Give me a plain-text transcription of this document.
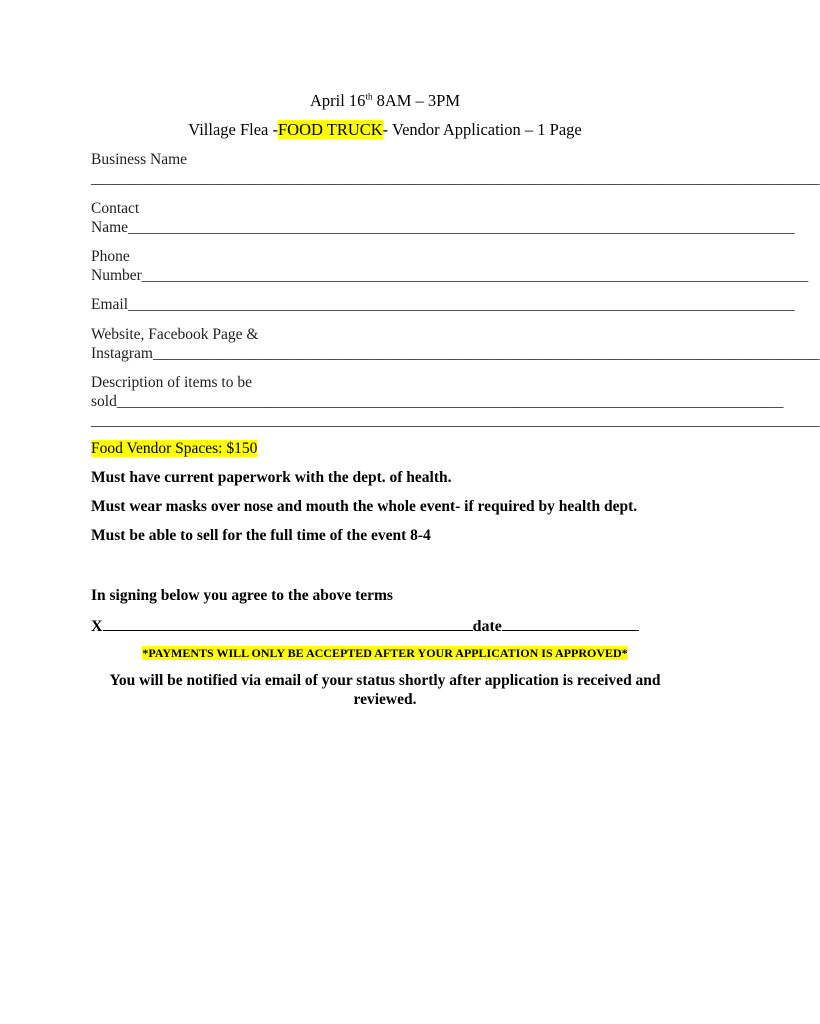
April 16th 8AM – 3PM
Village Flea -FOOD TRUCK- Vendor Application – 1 Page
Business Name
______________________________________________________________________________________________
Contact
Name______________________________________________________________________________________
Phone
Number______________________________________________________________________________________
Email______________________________________________________________________________________
Website, Facebook Page &
Instagram______________________________________________________________________________________
Description of items to be
sold______________________________________________________________________________________
______________________________________________________________________________________________
Food Vendor Spaces: $150
Must have current paperwork with the dept. of health.
Must wear masks over nose and mouth the whole event- if required by health dept.
Must be able to sell for the full time of the event 8-4
In signing below you agree to the above terms
X	date
*PAYMENTS WILL ONLY BE ACCEPTED AFTER YOUR APPLICATION IS APPROVED*
You will be notified via email of your status shortly after application is received and reviewed.
